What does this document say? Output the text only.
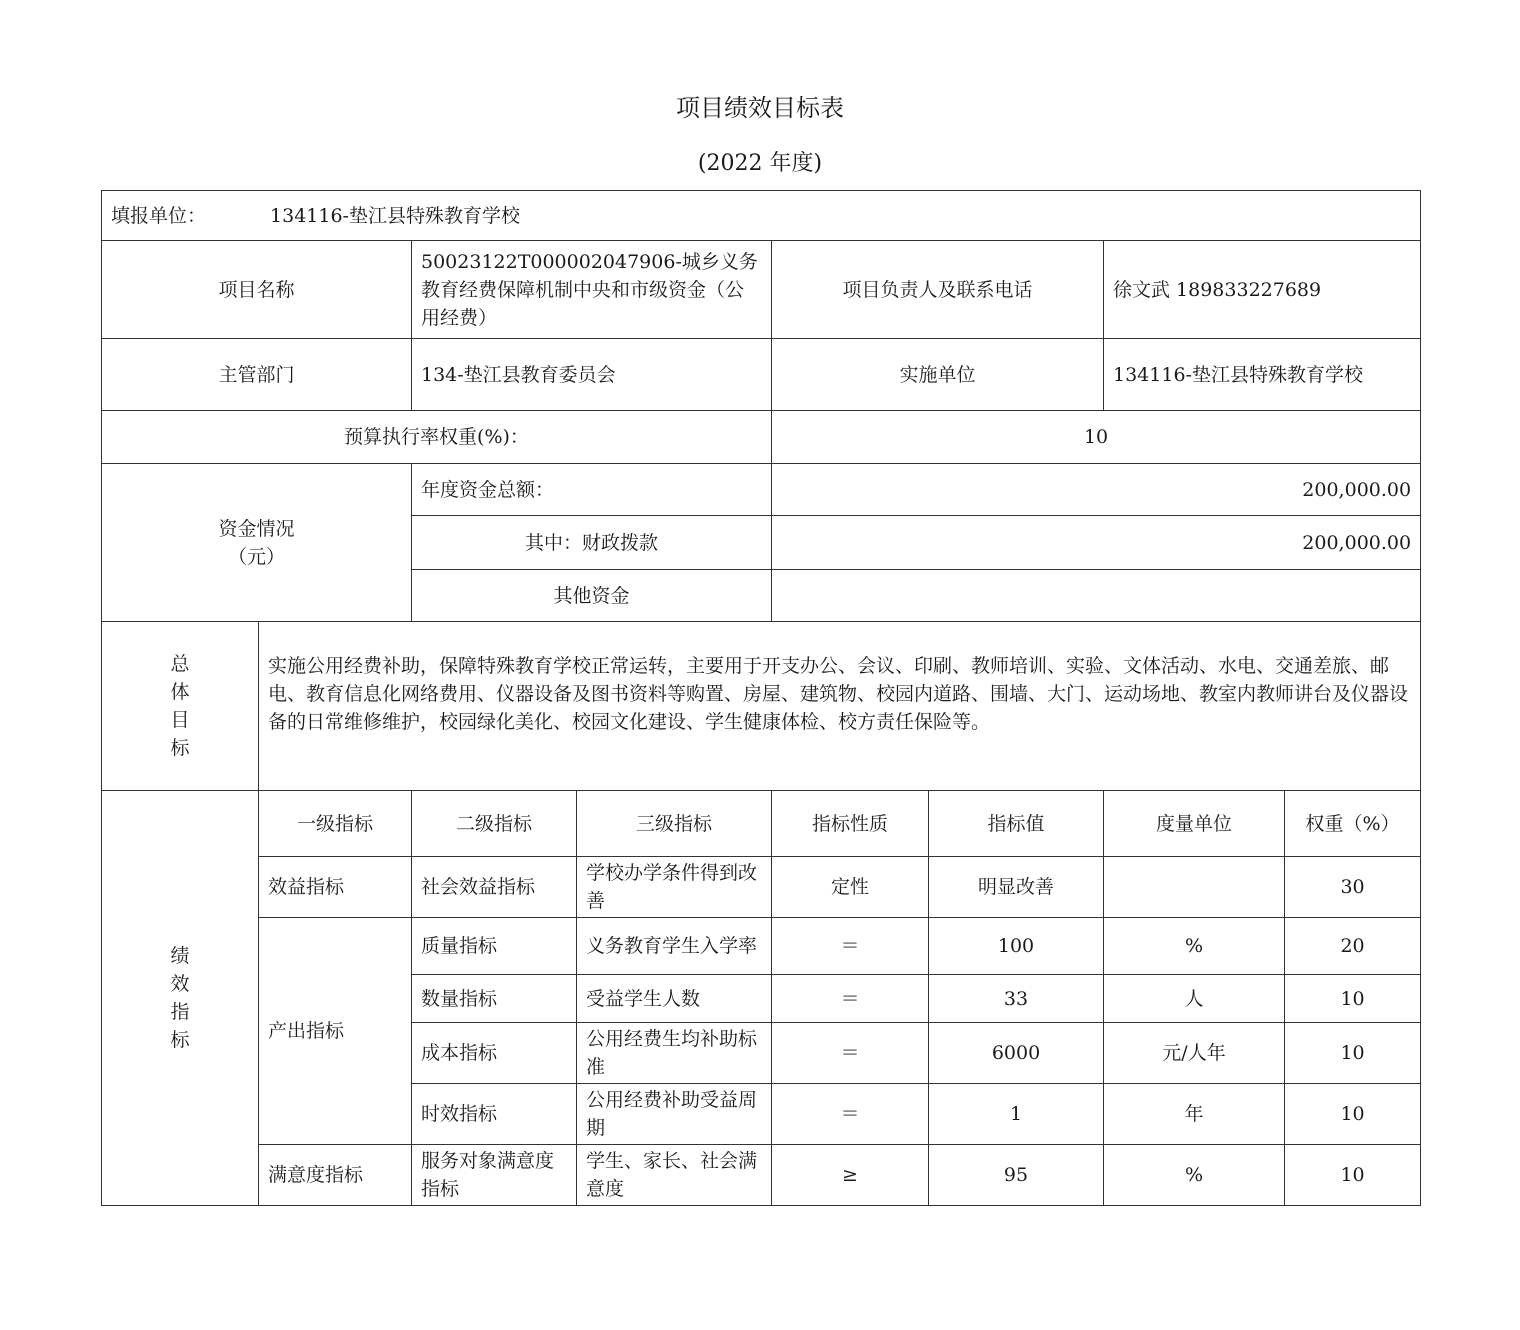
项目绩效目标表
(2022 年度)
填报单位： 134116-垫江县特殊教育学校							
项目名称		50023122T000002047906-城乡义务教育经费保障机制中央和市级资金（公用经费）		项目负责人及联系电话		徐文武 189833227689	
主管部门		134-垫江县教育委员会		实施单位		134116-垫江县特殊教育学校	
预算执行率权重(%)：				10			

资金情况
（元）		年度资金总额：		200,000.00			
		其中：财政拨款		200,000.00			
		其他资金					

总
体
目
标	实施公用经费补助，保障特殊教育学校正常运转，主要用于开支办公、会议、印刷、教师培训、实验、文体活动、水电、交通差旅、邮电、教育信息化网络费用、仪器设备及图书资料等购置、房屋、建筑物、校园内道路、围墙、大门、运动场地、教室内教师讲台及仪器设备的日常维修维护，校园绿化美化、校园文化建设、学生健康体检、校方责任保险等。						

绩
效
指
标	一级指标	二级指标	三级指标	指标性质	指标值	度量单位	权重（%）
	效益指标	社会效益指标	学校办学条件得到改善	定性	明显改善		30
	产出指标	质量指标	义务教育学生入学率	＝	100	%	20
		数量指标	受益学生人数	＝	33	人	10
		成本指标	公用经费生均补助标准	＝	6000	元/人年	10
		时效指标	公用经费补助受益周期	＝	1	年	10
	满意度指标	服务对象满意度指标	学生、家长、社会满意度	≥	95	%	10
